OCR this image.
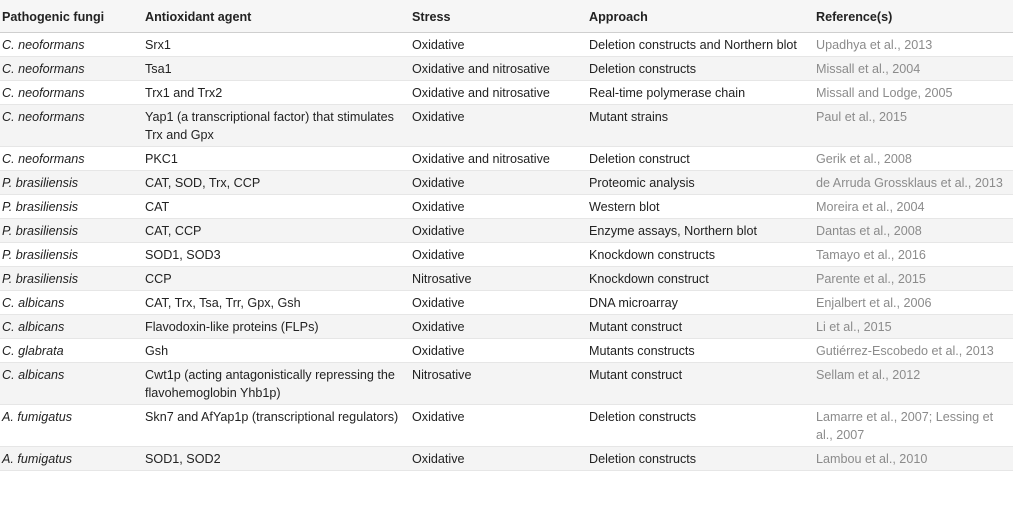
Pathogenic fungi	Antioxidant agent	Stress	Approach	Reference(s)
C. neoformans	Srx1	Oxidative	Deletion constructs and Northern blot	Upadhya et al., 2013
C. neoformans	Tsa1	Oxidative and nitrosative	Deletion constructs	Missall et al., 2004
C. neoformans	Trx1 and Trx2	Oxidative and nitrosative	Real-time polymerase chain	Missall and Lodge, 2005
C. neoformans	Yap1 (a transcriptional factor) that stimulates Trx and Gpx	Oxidative	Mutant strains	Paul et al., 2015
C. neoformans	PKC1	Oxidative and nitrosative	Deletion construct	Gerik et al., 2008
P. brasiliensis	CAT, SOD, Trx, CCP	Oxidative	Proteomic analysis	de Arruda Grossklaus et al., 2013
P. brasiliensis	CAT	Oxidative	Western blot	Moreira et al., 2004
P. brasiliensis	CAT, CCP	Oxidative	Enzyme assays, Northern blot	Dantas et al., 2008
P. brasiliensis	SOD1, SOD3	Oxidative	Knockdown constructs	Tamayo et al., 2016
P. brasiliensis	CCP	Nitrosative	Knockdown construct	Parente et al., 2015
C. albicans	CAT, Trx, Tsa, Trr, Gpx, Gsh	Oxidative	DNA microarray	Enjalbert et al., 2006
C. albicans	Flavodoxin-like proteins (FLPs)	Oxidative	Mutant construct	Li et al., 2015
C. glabrata	Gsh	Oxidative	Mutants constructs	Gutiérrez-Escobedo et al., 2013
C. albicans	Cwt1p (acting antagonistically repressing the flavohemoglobin Yhb1p)	Nitrosative	Mutant construct	Sellam et al., 2012
A. fumigatus	Skn7 and AfYap1p (transcriptional regulators)	Oxidative	Deletion constructs	Lamarre et al., 2007; Lessing et al., 2007
A. fumigatus	SOD1, SOD2	Oxidative	Deletion constructs	Lambou et al., 2010
